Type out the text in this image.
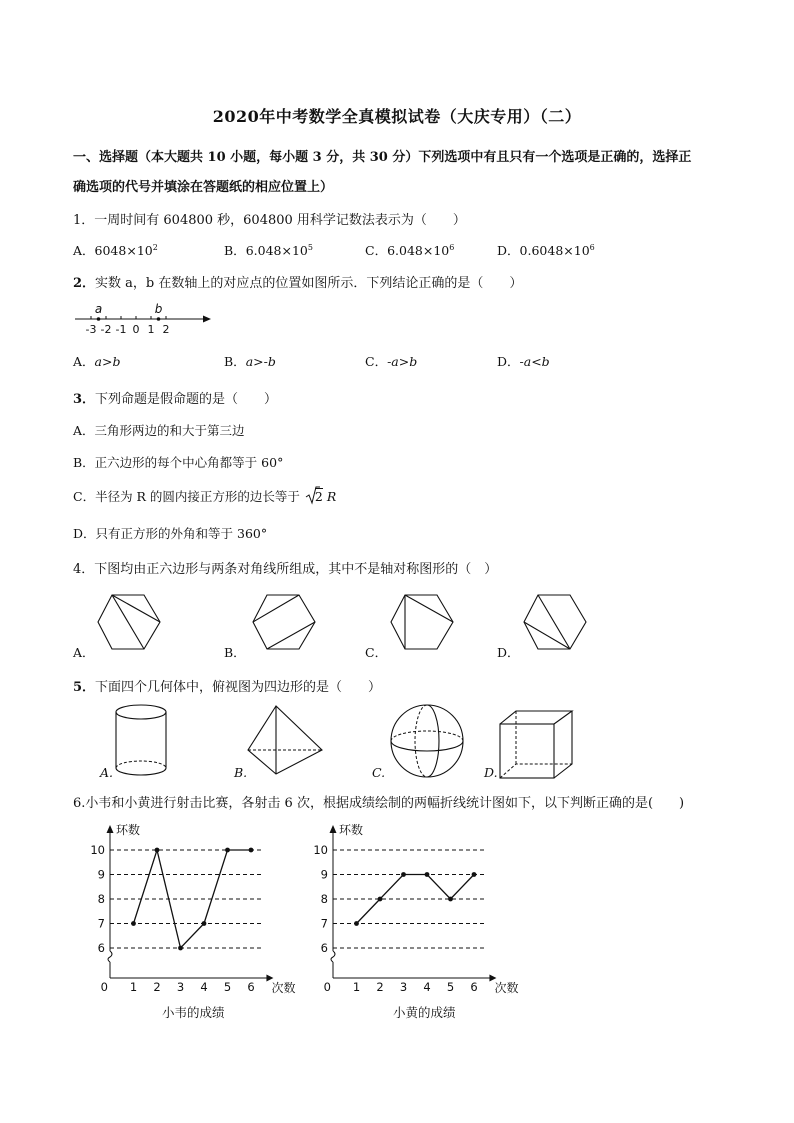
2020年中考数学全真模拟试卷（大庆专用）（二）
一、选择题（本大题共 10 小题，每小题 3 分，共 30 分）下列选项中有且只有一个选项是正确的，选择正
确选项的代号并填涂在答题纸的相应位置上）
1．一周时间有 604800 秒，604800 用科学记数法表示为（　　）
A．$6048\times 10^2$	B．$6.048\times 10^5$	C．$6.048\times 10^6$	D．$0.6048\times 10^6$
2．实数 a，b 在数轴上的对应点的位置如图所示．下列结论正确的是（　　）
-3 -2 -1 0 1 2
a	b
A．a>b	B．a>-b	C．-a>b	D．-a<b
3．下列命题是假命题的是（　　）
A．三角形两边的和大于第三边
B．正六边形的每个中心角都等于 60°
C．半径为 R 的圆内接正方形的边长等于 2 R
D．只有正方形的外角和等于 360°
4．下图均由正六边形与两条对角线所组成，其中不是轴对称图形的（　）
A．	B．	C．	D．
5．下面四个几何体中，俯视图为四边形的是（　　）
A.	B.	C.	D.
6.小韦和小黄进行射击比赛，各射击 6 次，根据成绩绘制的两幅折线统计图如下，以下判断正确的是(　　)
环数
次数
6
7
8
9
10
0 1 2 3 4 5 6
环数
次数
6
7
8
9
10
0 1 2 3 4 5 6
小韦的成绩	小黄的成绩
